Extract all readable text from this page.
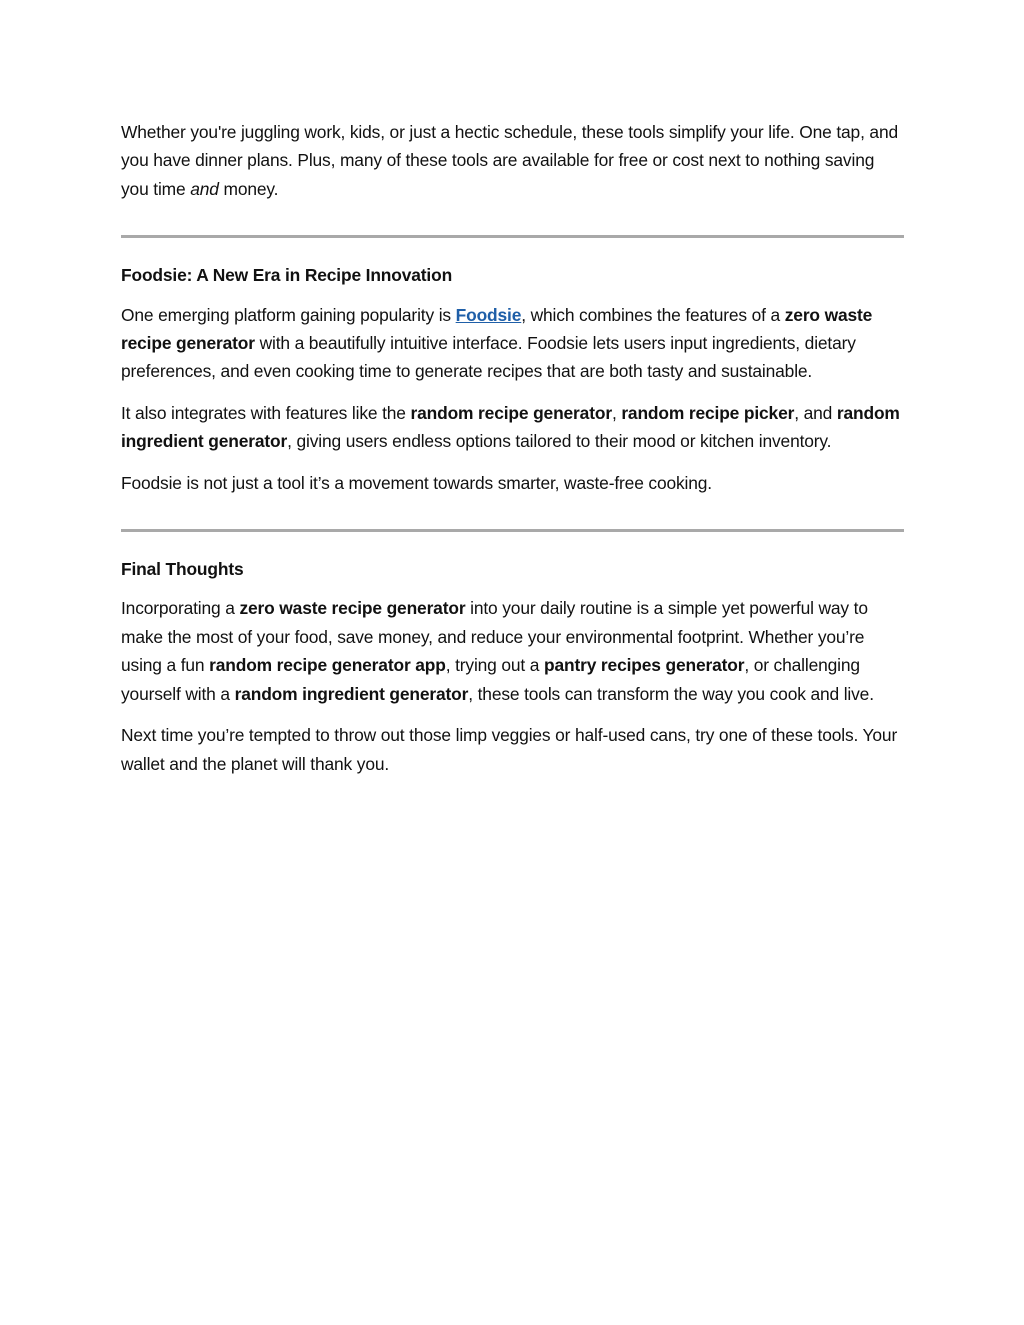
Whether you're juggling work, kids, or just a hectic schedule, these tools simplify your life. One tap, and you have dinner plans. Plus, many of these tools are available for free or cost next to nothing saving you time and money.

Foodsie: A New Era in Recipe Innovation

One emerging platform gaining popularity is Foodsie, which combines the features of a zero waste recipe generator with a beautifully intuitive interface. Foodsie lets users input ingredients, dietary preferences, and even cooking time to generate recipes that are both tasty and sustainable.

It also integrates with features like the random recipe generator, random recipe picker, and random ingredient generator, giving users endless options tailored to their mood or kitchen inventory.

Foodsie is not just a tool it’s a movement towards smarter, waste-free cooking.

Final Thoughts

Incorporating a zero waste recipe generator into your daily routine is a simple yet powerful way to make the most of your food, save money, and reduce your environmental footprint. Whether you’re using a fun random recipe generator app, trying out a pantry recipes generator, or challenging yourself with a random ingredient generator, these tools can transform the way you cook and live.

Next time you’re tempted to throw out those limp veggies or half-used cans, try one of these tools. Your wallet and the planet will thank you.
